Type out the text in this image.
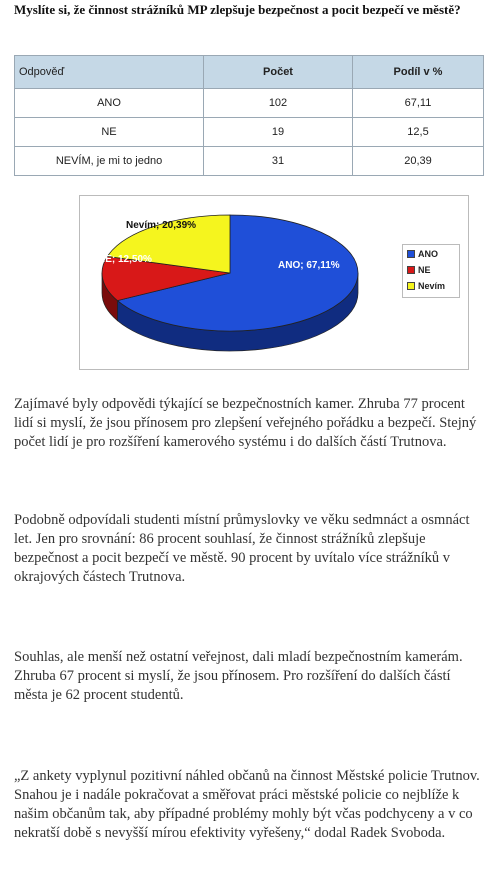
Myslíte si, že činnost strážníků MP zlepšuje bezpečnost a pocit bezpečí ve městě?
Odpověď	Počet	Podíl v %
ANO	102	67,11
NE	19	12,5
NEVÍM, je mi to jedno	31	20,39
ANO; 67,11%
NE; 12,50%
Nevím; 20,39%
ANO
NE
Nevím
Zajímavé byly odpovědi týkající se bezpečnostních kamer. Zhruba 77 procent lidí si myslí, že jsou přínosem pro zlepšení veřejného pořádku a bezpečí. Stejný počet lidí je pro rozšíření kamerového systému i do dalších částí Trutnova.
Podobně odpovídali studenti místní průmyslovky ve věku sedmnáct a osmnáct let. Jen pro srovnání: 86 procent souhlasí, že činnost strážníků zlepšuje bezpečnost a pocit bezpečí ve městě. 90 procent by uvítalo více strážníků v okrajových částech Trutnova.
Souhlas, ale menší než ostatní veřejnost, dali mladí bezpečnostním kamerám. Zhruba 67 procent si myslí, že jsou přínosem. Pro rozšíření do dalších částí města je 62 procent studentů.
„Z ankety vyplynul pozitivní náhled občanů na činnost Městské policie Trutnov. Snahou je i nadále pokračovat a směřovat práci městské policie co nejblíže k našim občanům tak, aby případné problémy mohly být včas podchyceny a v co nekratší době s nevyšší mírou efektivity vyřešeny,“ dodal Radek Svoboda.
